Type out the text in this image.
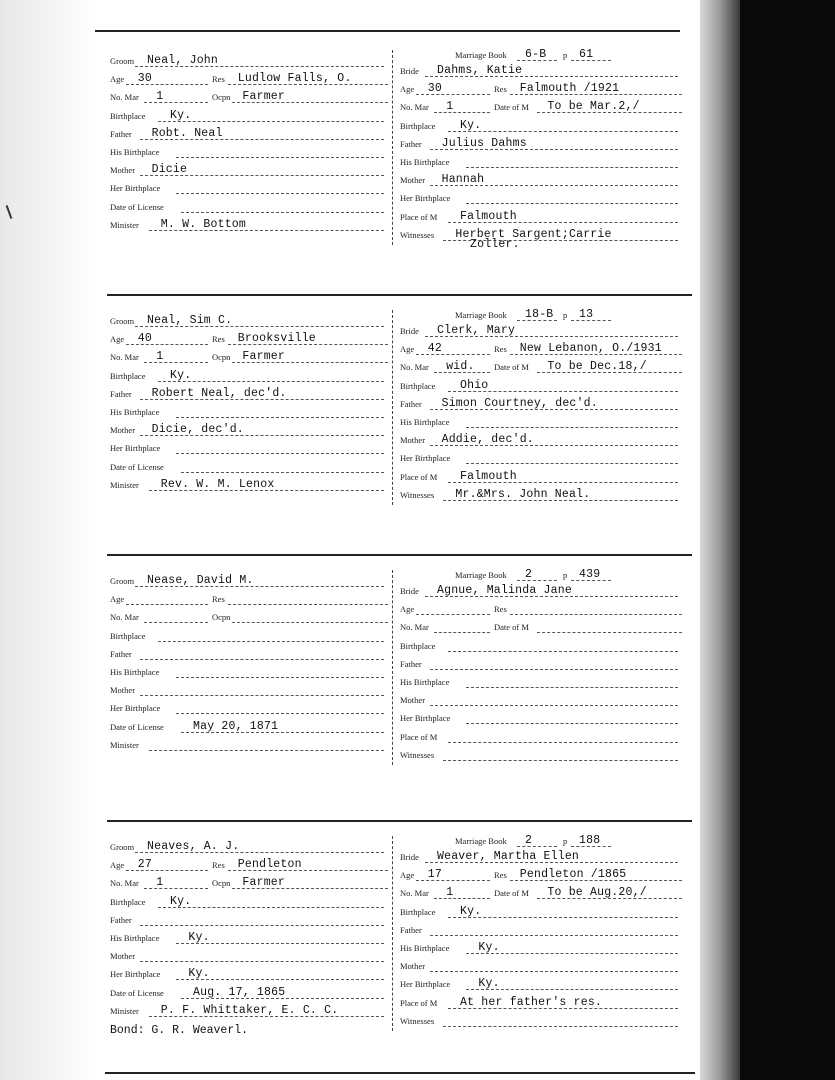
Marriage Book 6-B p 61
Groom Neal, John
Age 30	Res Ludlow Falls, O.
No. Mar 1	Ocpn Farmer
Birthplace Ky.
Father Robt. Neal
His Birthplace
Mother Dicie
Her Birthplace
Date of License
Minister M. W. Bottom
Bride Dahms, Katie
Age 30	Res Falmouth /1921
No. Mar 1	Date of M To be Mar.2,/
Birthplace Ky.
Father Julius Dahms
His Birthplace
Mother Hannah
Her Birthplace
Place of M Falmouth
Witnesses Herbert Sargent;Carrie
Zoller.
Marriage Book 18-B p 13
Groom Neal, Sim C.
Age 40	Res Brooksville
No. Mar 1	Ocpn Farmer
Birthplace Ky.
Father Robert Neal, dec'd.
His Birthplace
Mother Dicie, dec'd.
Her Birthplace
Date of License
Minister Rev. W. M. Lenox
Bride Clerk, Mary
Age 42	Res New Lebanon, O./1931
No. Mar wid. Date of M To be Dec.18,/
Birthplace Ohio
Father Simon Courtney, dec'd.
His Birthplace
Mother Addie, dec'd.
Her Birthplace
Place of M Falmouth
Witnesses Mr.&Mrs. John Neal.
Marriage Book 2	p 439
Groom Nease, David M.
Age	Res
No. Mar	Ocpn
Birthplace
Father
His Birthplace
Mother
Her Birthplace
Date of License	May 20, 1871
Minister
Bride Agnue, Malinda Jane
Age	Res
No. Mar	Date of M
Birthplace
Father
His Birthplace
Mother
Her Birthplace
Place of M
Witnesses
Marriage Book 2	p 188
Groom Neaves, A. J.
Age 27	Res Pendleton
No. Mar 1	Ocpn Farmer
Birthplace Ky.
Father
His Birthplace	Ky.
Mother
Her Birthplace Ky.
Date of License	Aug. 17, 1865
Minister P. F. Whittaker, E. C. C.
Bride Weaver, Martha Ellen
Age 17	Res Pendleton /1865
No. Mar 1	Date of M To be Aug.20,/
Birthplace Ky.
Father
His Birthplace	Ky.
Mother
Her Birthplace Ky.
Place of M At her father's res.
Witnesses
Bond: G. R. Weaverl.
